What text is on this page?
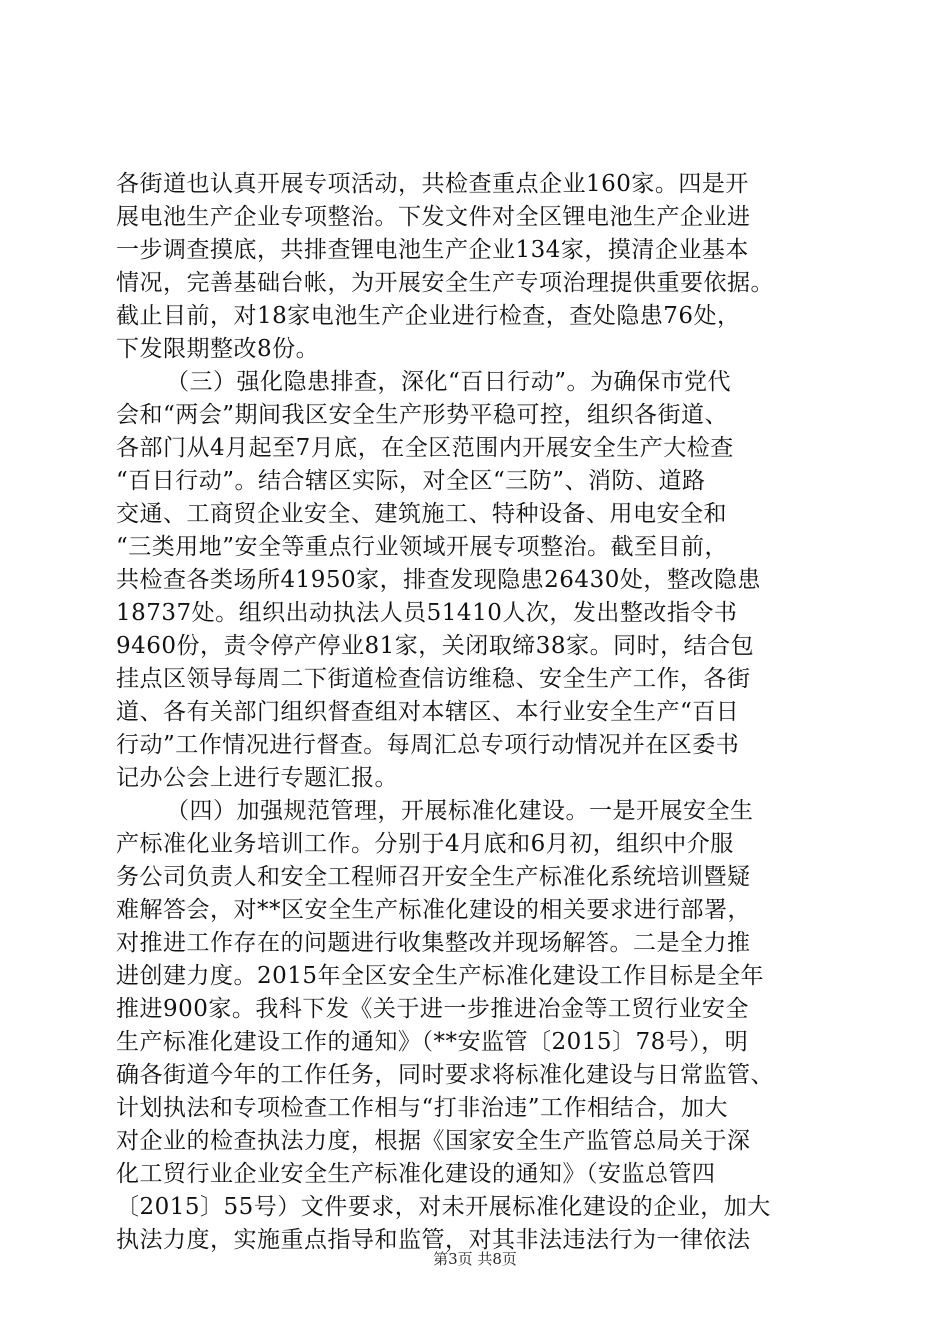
各街道也认真开展专项活动，共检查重点企业160家。四是开
展电池生产企业专项整治。下发文件对全区锂电池生产企业进
一步调查摸底，共排查锂电池生产企业134家，摸清企业基本
情况，完善基础台帐，为开展安全生产专项治理提供重要依据。
截止目前，对18家电池生产企业进行检查，查处隐患76处，
下发限期整改8份。
（三）强化隐患排查，深化“百日行动”。为确保市党代
会和“两会”期间我区安全生产形势平稳可控，组织各街道、
各部门从4月起至7月底，在全区范围内开展安全生产大检查
“百日行动”。结合辖区实际，对全区“三防”、消防、道路
交通、工商贸企业安全、建筑施工、特种设备、用电安全和
“三类用地”安全等重点行业领域开展专项整治。截至目前，
共检查各类场所41950家，排查发现隐患26430处，整改隐患
18737处。组织出动执法人员51410人次，发出整改指令书
9460份，责令停产停业81家，关闭取缔38家。同时，结合包
挂点区领导每周二下街道检查信访维稳、安全生产工作，各街
道、各有关部门组织督查组对本辖区、本行业安全生产“百日
行动”工作情况进行督查。每周汇总专项行动情况并在区委书
记办公会上进行专题汇报。
（四）加强规范管理，开展标准化建设。一是开展安全生
产标准化业务培训工作。分别于4月底和6月初，组织中介服
务公司负责人和安全工程师召开安全生产标准化系统培训暨疑
难解答会，对**区安全生产标准化建设的相关要求进行部署，
对推进工作存在的问题进行收集整改并现场解答。二是全力推
进创建力度。2015年全区安全生产标准化建设工作目标是全年
推进900家。我科下发《关于进一步推进冶金等工贸行业安全
生产标准化建设工作的通知》（**安监管〔2015〕78号），明
确各街道今年的工作任务，同时要求将标准化建设与日常监管、
计划执法和专项检查工作相与“打非治违”工作相结合，加大
对企业的检查执法力度，根据《国家安全生产监管总局关于深
化工贸行业企业安全生产标准化建设的通知》（安监总管四
〔2015〕55号）文件要求，对未开展标准化建设的企业，加大
执法力度，实施重点指导和监管，对其非法违法行为一律依法
第3页 共8页
